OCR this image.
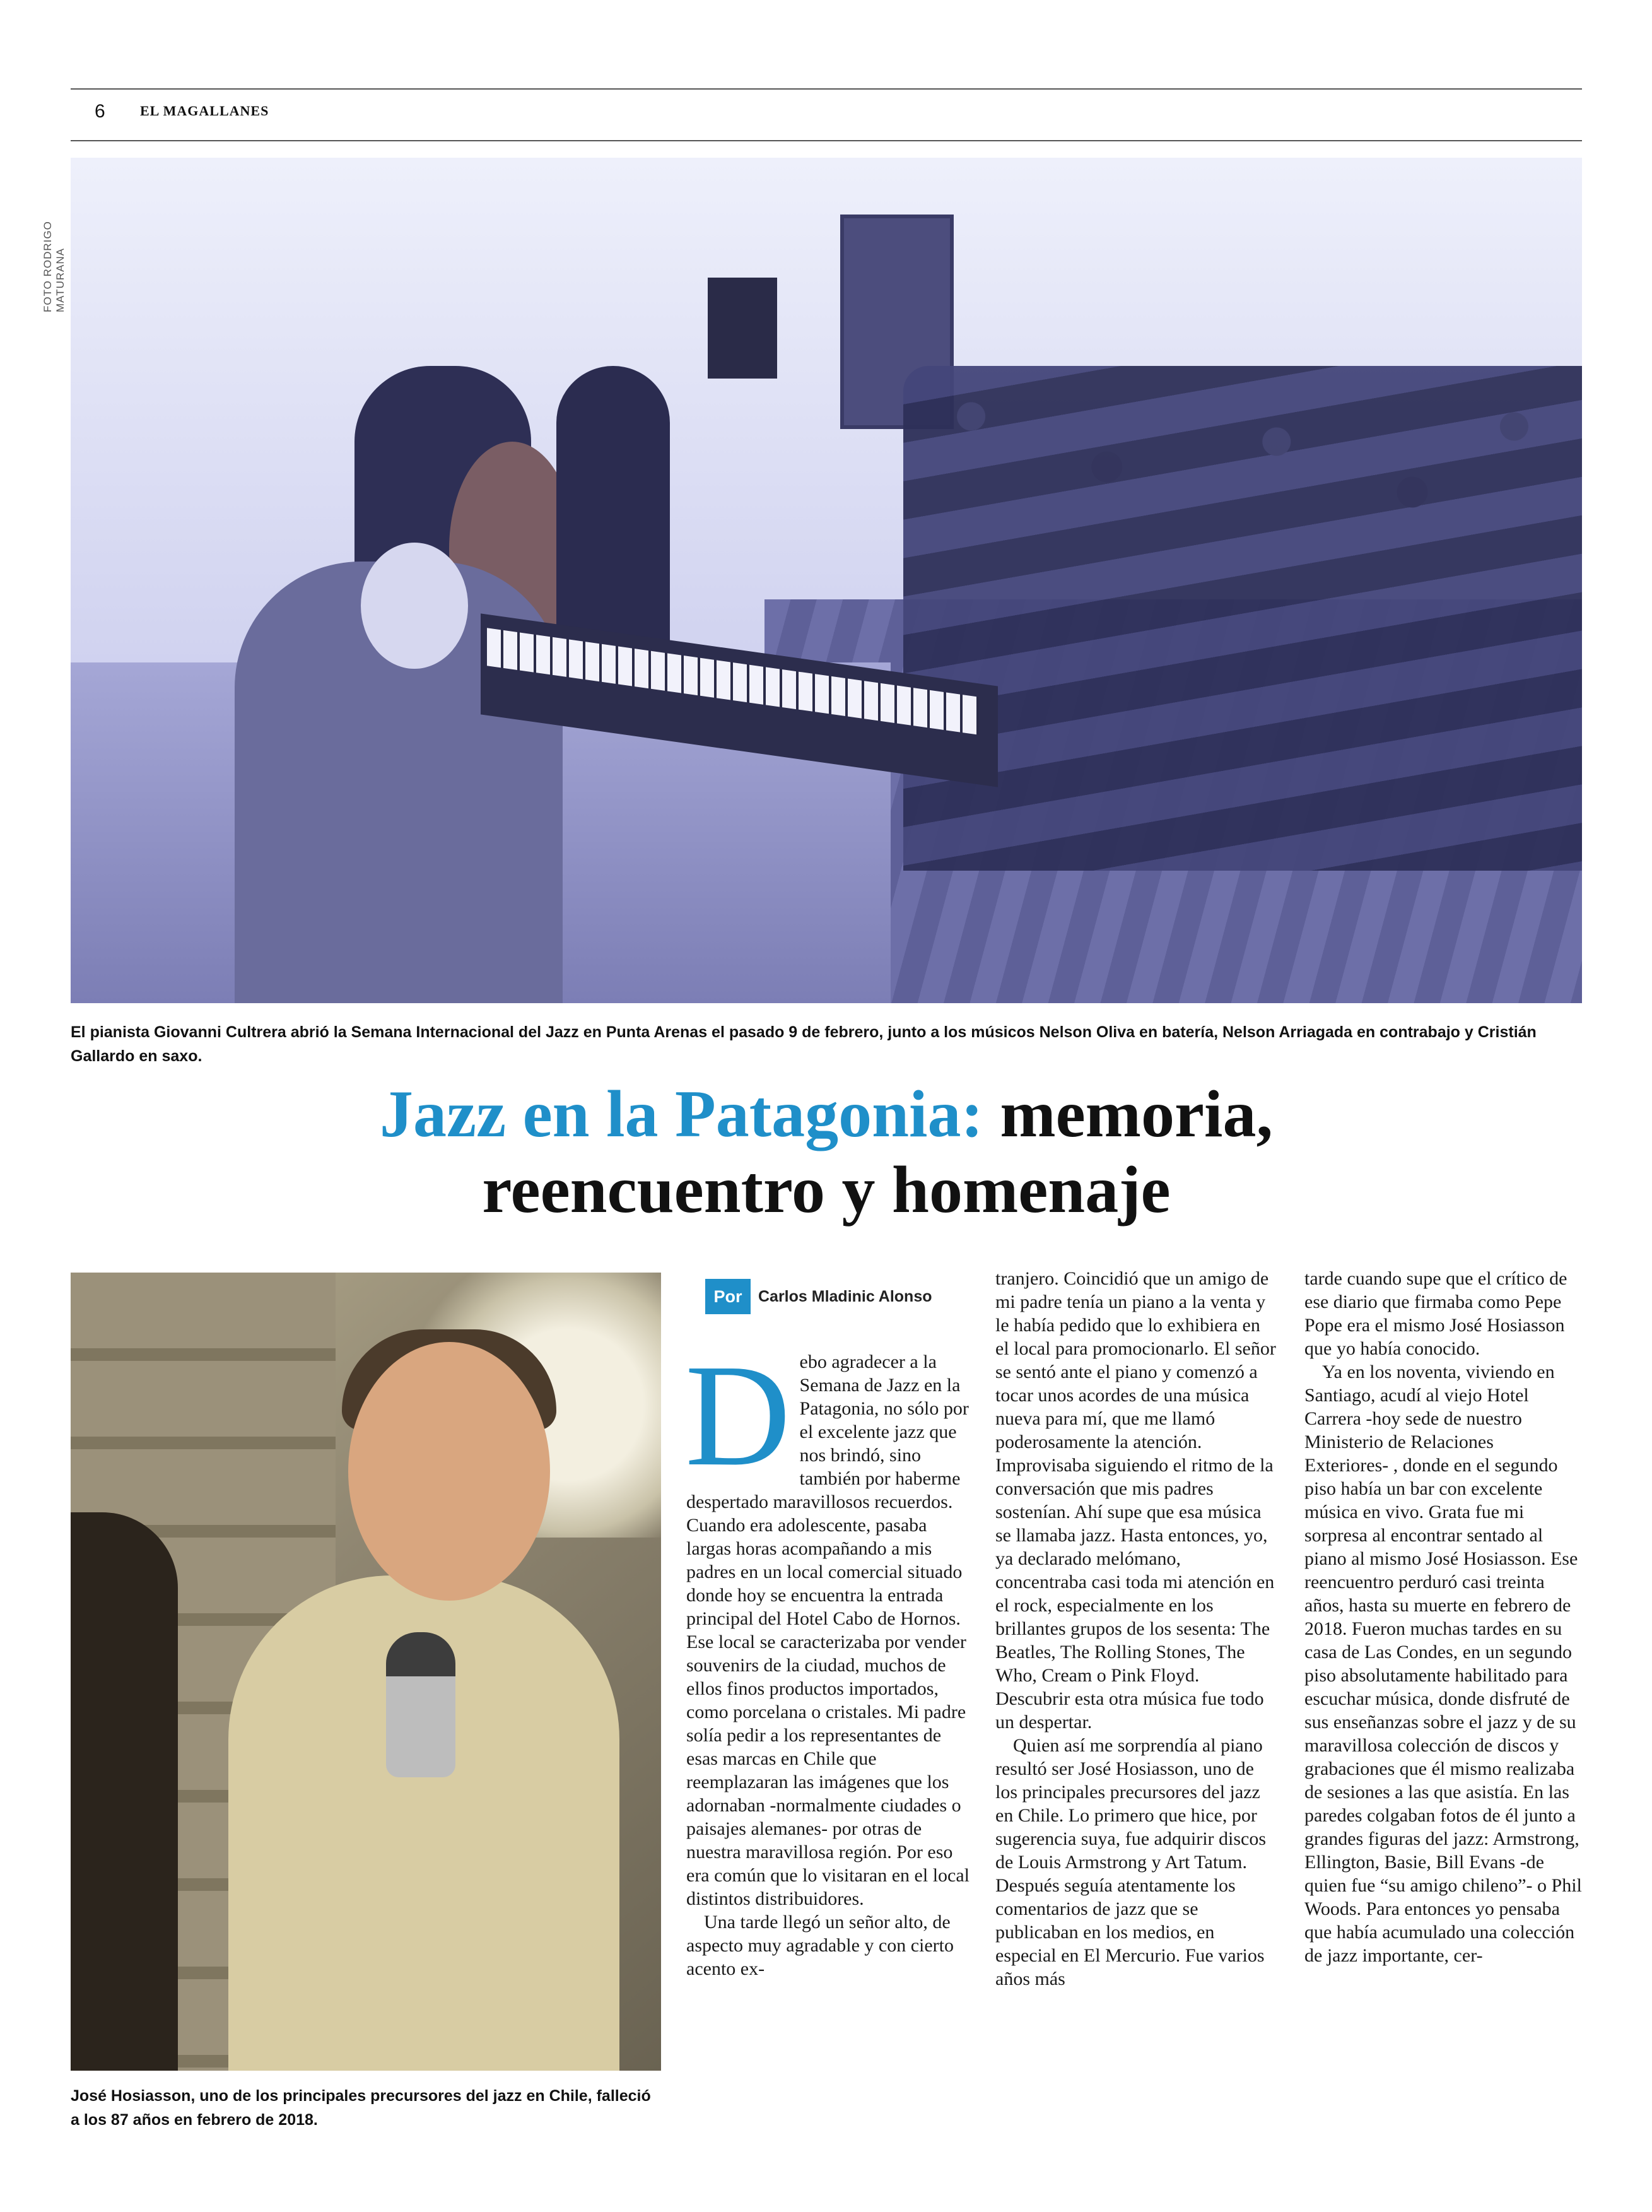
6	EL MAGALLANES
FOTO RODRIGO MATURANA
El pianista Giovanni Cultrera abrió la Semana Internacional del Jazz en Punta Arenas el pasado 9 de febrero, junto a los músicos Nelson Oliva en batería, Nelson Arriagada en contrabajo y Cristián Gallardo en saxo.
Jazz en la Patagonia: memoria,
reencuentro y homenaje
José Hosiasson, uno de los principales precursores del jazz en Chile, falleció a los 87 años en febrero de 2018.
Por	Carlos Mladinic Alonso

Debo agradecer a la Semana de Jazz en la Patagonia, no sólo por el excelente jazz que nos brindó, sino también por haberme despertado maravillosos recuerdos. Cuando era adolescente, pasaba largas horas acompañando a mis padres en un local comercial situado donde hoy se encuentra la entrada principal del Hotel Cabo de Hornos. Ese local se caracterizaba por vender souvenirs de la ciudad, muchos de ellos finos productos importados, como porcelana o cristales. Mi padre solía pedir a los representantes de esas marcas en Chile que reemplazaran las imágenes que los adornaban -normalmente ciudades o paisajes alemanes- por otras de nuestra maravillosa región. Por eso era común que lo visitaran en el local distintos distribuidores.

Una tarde llegó un señor alto, de aspecto muy agradable y con cierto acento ex-

tranjero. Coincidió que un amigo de mi padre tenía un piano a la venta y le había pedido que lo exhibiera en el local para promocionarlo. El señor se sentó ante el piano y comenzó a tocar unos acordes de una música nueva para mí, que me llamó poderosamente la atención. Improvisaba siguiendo el ritmo de la conversación que mis padres sostenían. Ahí supe que esa música se llamaba jazz. Hasta entonces, yo, ya declarado melómano, concentraba casi toda mi atención en el rock, especialmente en los brillantes grupos de los sesenta: The Beatles, The Rolling Stones, The Who, Cream o Pink Floyd. Descubrir esta otra música fue todo un despertar.

Quien así me sorprendía al piano resultó ser José Hosiasson, uno de los principales precursores del jazz en Chile. Lo primero que hice, por sugerencia suya, fue adquirir discos de Louis Armstrong y Art Tatum. Después seguía atentamente los comentarios de jazz que se publicaban en los medios, en especial en El Mercurio. Fue varios años más

tarde cuando supe que el crítico de ese diario que firmaba como Pepe Pope era el mismo José Hosiasson que yo había conocido.

Ya en los noventa, viviendo en Santiago, acudí al viejo Hotel Carrera -hoy sede de nuestro Ministerio de Relaciones Exteriores- , donde en el segundo piso había un bar con excelente música en vivo. Grata fue mi sorpresa al encontrar sentado al piano al mismo José Hosiasson. Ese reencuentro perduró casi treinta años, hasta su muerte en febrero de 2018. Fueron muchas tardes en su casa de Las Condes, en un segundo piso absolutamente habilitado para escuchar música, donde disfruté de sus enseñanzas sobre el jazz y de su maravillosa colección de discos y grabaciones que él mismo realizaba de sesiones a las que asistía. En las paredes colgaban fotos de él junto a grandes figuras del jazz: Armstrong, Ellington, Basie, Bill Evans -de quien fue “su amigo chileno”- o Phil Woods. Para entonces yo pensaba que había acumulado una colección de jazz importante, cer-
